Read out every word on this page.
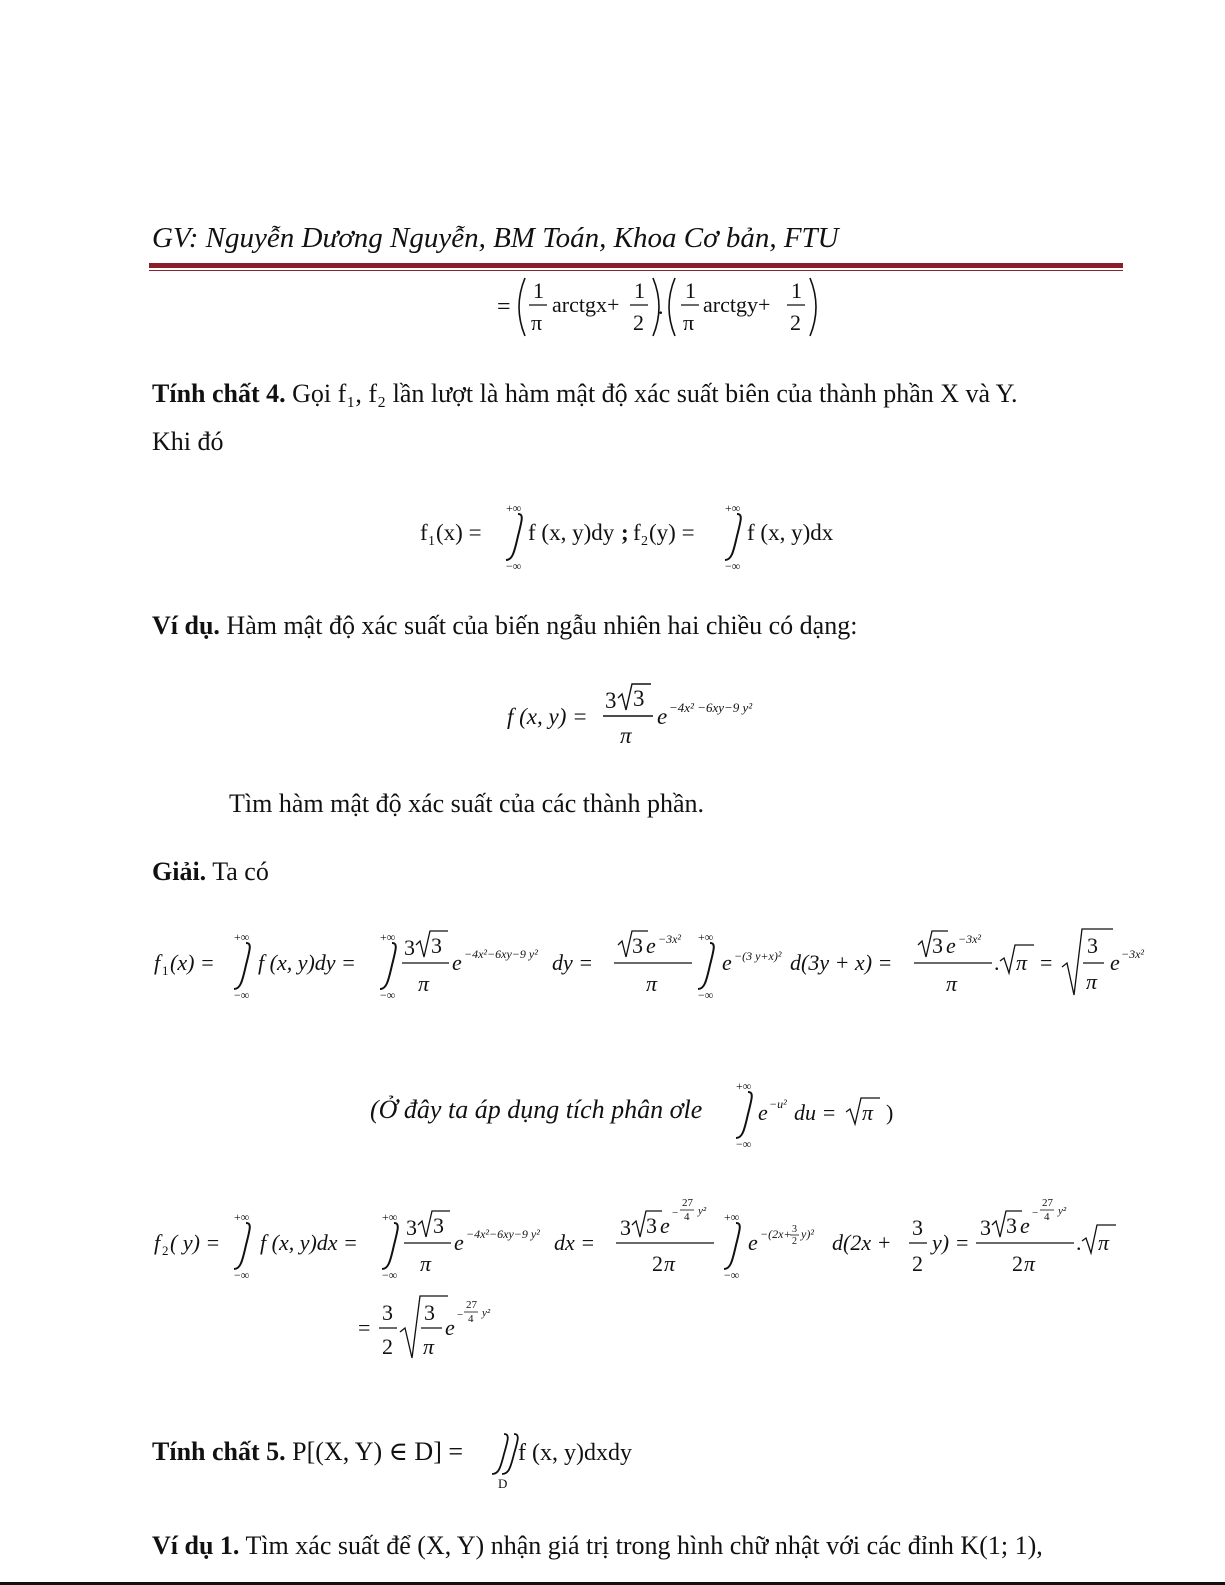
GV: Nguyễn Dương Nguyễn, BM Toán, Khoa Cơ bản, FTU
=
1
π
arctgx+
1
2
.
1
π
arctgy+
1
2
Tính chất 4. Gọi f₁, f₂ lần lượt là hàm mật độ xác suất biên của thành phần X và Y.
Khi đó
f 1 (x) =
+∞
−∞
f (x, y)dy ; f 2 (y) =
+∞
−∞
f (x, y)dx
Ví dụ. Hàm mật độ xác suất của biến ngẫu nhiên hai chiều có dạng:
f (x, y) =
3 3
π
e −4x² −6xy−9 y²
Tìm hàm mật độ xác suất của các thành phần.
Giải. Ta có
f 1 (x) =
+∞
−∞
f (x, y)dy =
+∞
−∞
3 3
π
e −4x²−6xy−9 y² dy =
3 e −3x²
π
+∞
−∞
e −(3 y+x)² d(3y + x) =
3 e −3x²
π
. π =
3
π
e −3x²
(Ở đây ta áp dụng tích phân ơle
+∞
−∞
e −u² du = π )
f 2 ( y) =
+∞
−∞
f (x, y)dx =
+∞
−∞
3 3
π
e −4x²−6xy−9 y² dx =
3 3 e −
27
4 y²
2 π
+∞
−∞
e −(2x+ 3
2
y)² d(2x +
3
2
y) =
3 3 e −
27
4 y²
2 π
. π
=
3
2
3
π
e −
27
4 y²
Tính chất 5. P[(X, Y) ∈ D] =
D
f (x, y)dxdy
Ví dụ 1. Tìm xác suất để (X, Y) nhận giá trị trong hình chữ nhật với các đỉnh K(1; 1),
